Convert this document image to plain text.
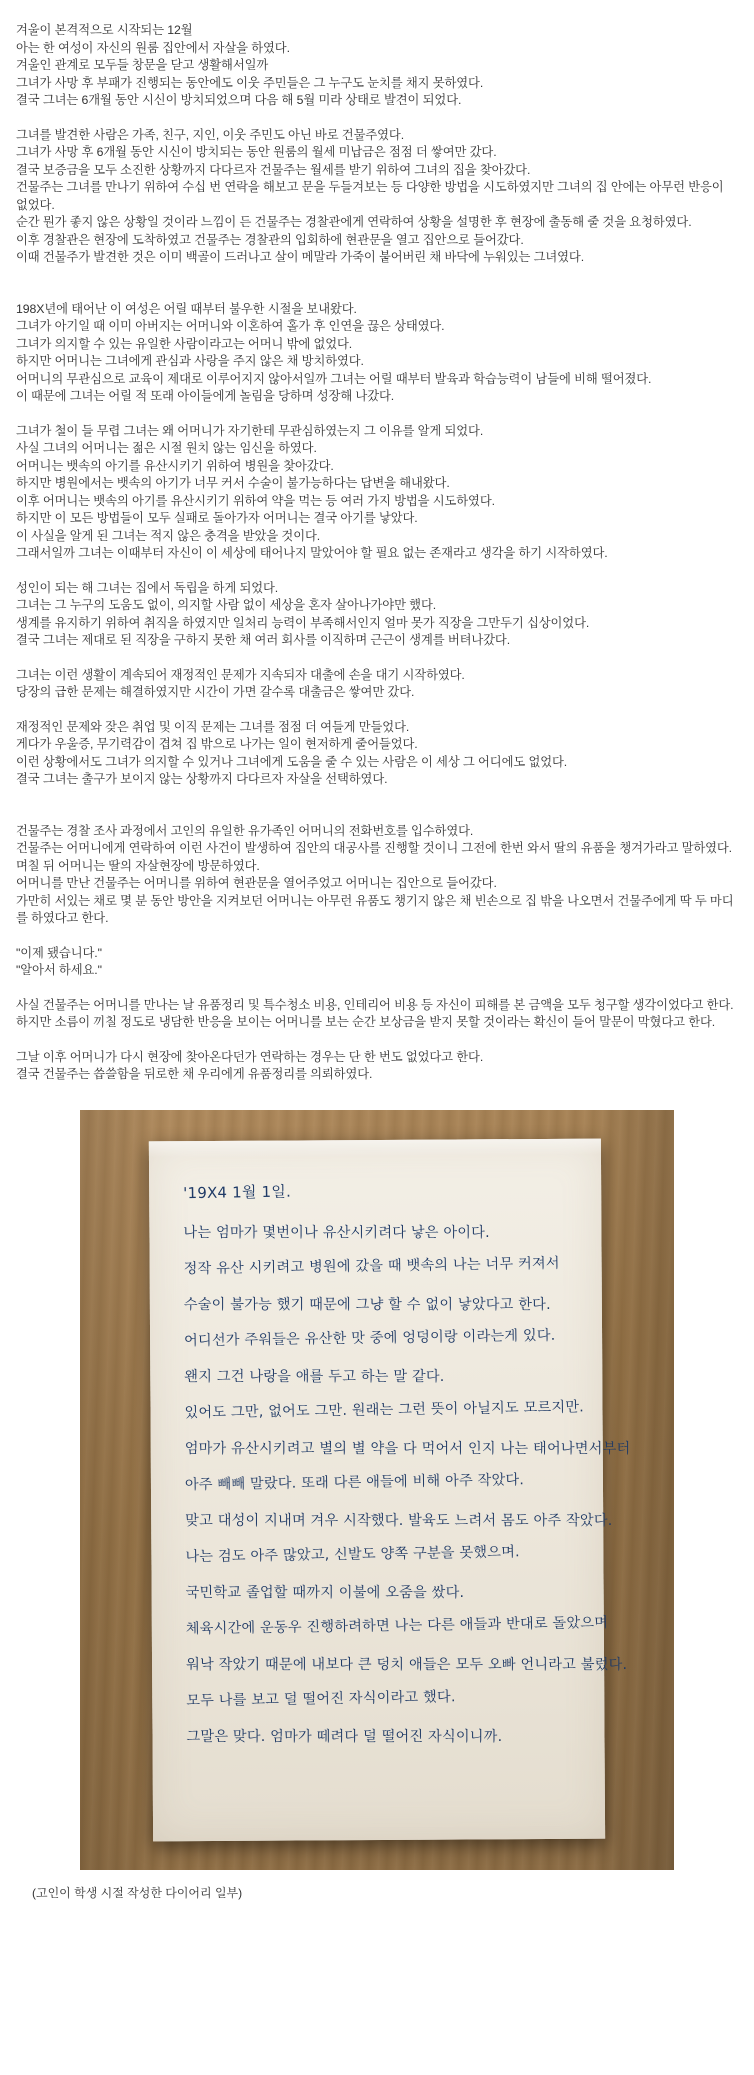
겨울이 본격적으로 시작되는 12월
아는 한 여성이 자신의 원룸 집안에서 자살을 하였다.
겨울인 관계로 모두들 창문을 닫고 생활해서일까
그녀가 사망 후 부패가 진행되는 동안에도 이웃 주민들은 그 누구도 눈치를 채지 못하였다.
결국 그녀는 6개월 동안 시신이 방치되었으며 다음 해 5월 미라 상태로 발견이 되었다.

그녀를 발견한 사람은 가족, 친구, 지인, 이웃 주민도 아닌 바로 건물주였다.
그녀가 사망 후 6개월 동안 시신이 방치되는 동안 원룸의 월세 미납금은 점점 더 쌓여만 갔다.
결국 보증금을 모두 소진한 상황까지 다다르자 건물주는 월세를 받기 위하여 그녀의 집을 찾아갔다.
건물주는 그녀를 만나기 위하여 수십 번 연락을 해보고 문을 두들겨보는 등 다양한 방법을 시도하였지만 그녀의 집 안에는 아무런 반응이 없었다.
순간 뭔가 좋지 않은 상황일 것이라 느낌이 든 건물주는 경찰관에게 연락하여 상황을 설명한 후 현장에 출동해 줄 것을 요청하였다.
이후 경찰관은 현장에 도착하였고 건물주는 경찰관의 입회하에 현관문을 열고 집안으로 들어갔다.
이때 건물주가 발견한 것은 이미 백골이 드러나고 살이 메말라 가죽이 붙어버린 채 바닥에 누워있는 그녀였다.

198X년에 태어난 이 여성은 어릴 때부터 불우한 시절을 보내왔다.
그녀가 아기일 때 이미 아버지는 어머니와 이혼하여 홀가 후 인연을 끊은 상태였다.
그녀가 의지할 수 있는 유일한 사람이라고는 어머니 밖에 없었다.
하지만 어머니는 그녀에게 관심과 사랑을 주지 않은 채 방치하였다.
어머니의 무관심으로 교육이 제대로 이루어지지 않아서일까 그녀는 어릴 때부터 발육과 학습능력이 남들에 비해 떨어졌다.
이 때문에 그녀는 어릴 적 또래 아이들에게 놀림을 당하며 성장해 나갔다.

그녀가 철이 들 무렵 그녀는 왜 어머니가 자기한테 무관심하였는지 그 이유를 알게 되었다.
사실 그녀의 어머니는 젊은 시절 원치 않는 임신을 하였다.
어머니는 뱃속의 아기를 유산시키기 위하여 병원을 찾아갔다.
하지만 병원에서는 뱃속의 아기가 너무 커서 수술이 불가능하다는 답변을 해내왔다.
이후 어머니는 뱃속의 아기를 유산시키기 위하여 약을 먹는 등 여러 가지 방법을 시도하였다.
하지만 이 모든 방법들이 모두 실패로 돌아가자 어머니는 결국 아기를 낳았다.
이 사실을 알게 된 그녀는 적지 않은 충격을 받았을 것이다.
그래서일까 그녀는 이때부터 자신이 이 세상에 태어나지 말았어야 할 필요 없는 존재라고 생각을 하기 시작하였다.

성인이 되는 해 그녀는 집에서 독립을 하게 되었다.
그녀는 그 누구의 도움도 없이, 의지할 사람 없이 세상을 혼자 살아나가야만 했다.
생계를 유지하기 위하여 취직을 하였지만 일처리 능력이 부족해서인지 얼마 못가 직장을 그만두기 십상이었다.
결국 그녀는 제대로 된 직장을 구하지 못한 채 여러 회사를 이직하며 근근이 생계를 버텨나갔다.

그녀는 이런 생활이 계속되어 재정적인 문제가 지속되자 대출에 손을 대기 시작하였다.
당장의 급한 문제는 해결하였지만 시간이 가면 갈수록 대출금은 쌓여만 갔다.

재정적인 문제와 잦은 취업 및 이직 문제는 그녀를 점점 더 여들게 만들었다.
게다가 우울증, 무기력감이 겹쳐 집 밖으로 나가는 일이 현저하게 줄어들었다.
이런 상황에서도 그녀가 의지할 수 있거나 그녀에게 도움을 줄 수 있는 사람은 이 세상 그 어디에도 없었다.
결국 그녀는 출구가 보이지 않는 상황까지 다다르자 자살을 선택하였다.

건물주는 경찰 조사 과정에서 고인의 유일한 유가족인 어머니의 전화번호를 입수하였다.
건물주는 어머니에게 연락하여 이런 사건이 발생하여 집안의 대공사를 진행할 것이니 그전에 한번 와서 딸의 유품을 챙겨가라고 말하였다.
며칠 뒤 어머니는 딸의 자살현장에 방문하였다.
어머니를 만난 건물주는 어머니를 위하여 현관문을 열어주었고 어머니는 집안으로 들어갔다.
가만히 서있는 채로 몇 분 동안 방안을 지켜보던 어머니는 아무런 유품도 챙기지 않은 채 빈손으로 집 밖을 나오면서 건물주에게 딱 두 마디를 하였다고 한다.

"이제 됐습니다."
"알아서 하세요."

사실 건물주는 어머니를 만나는 날 유품정리 및 특수청소 비용, 인테리어 비용 등 자신이 피해를 본 금액을 모두 청구할 생각이었다고 한다.
하지만 소름이 끼칠 정도로 냉담한 반응을 보이는 어머니를 보는 순간 보상금을 받지 못할 것이라는 확신이 들어 말문이 막혔다고 한다.

그날 이후 어머니가 다시 현장에 찾아온다던가 연락하는 경우는 단 한 번도 없었다고 한다.
결국 건물주는 씁쓸함을 뒤로한 채 우리에게 유품정리를 의뢰하였다.

'19X4 1월 1일.
나는 엄마가 몇번이나 유산시키려다 낳은 아이다.
정작 유산 시키려고 병원에 갔을 때 뱃속의 나는 너무 커져서
수술이 불가능 했기 때문에 그냥 할 수 없이 낳았다고 한다.
어디선가 주워들은 유산한 맛 중에 엉덩이랑 이라는게 있다.
왠지 그건 나랑을 애를 두고 하는 말 같다.
있어도 그만, 없어도 그만. 원래는 그런 뜻이 아닐지도 모르지만.
엄마가 유산시키려고 별의 별 약을 다 먹어서 인지 나는 태어나면서부터
아주 빼빼 말랐다. 또래 다른 애들에 비해 아주 작았다.
맞고 대성이 지내며 겨우 시작했다. 발육도 느려서 몸도 아주 작았다.
나는 검도 아주 많았고, 신발도 양쪽 구분을 못했으며.
국민학교 졸업할 때까지 이불에 오줌을 쌌다.
체육시간에 운동우 진행하려하면 나는 다른 애들과 반대로 돌았으며
워낙 작았기 때문에 내보다 큰 덩치 애들은 모두 오빠 언니라고 불렀다.
모두 나를 보고 덜 떨어진 자식이라고 했다.
그말은 맞다. 엄마가 떼려다 덜 떨어진 자식이니까.
(고인이 학생 시절 작성한 다이어리 일부)
